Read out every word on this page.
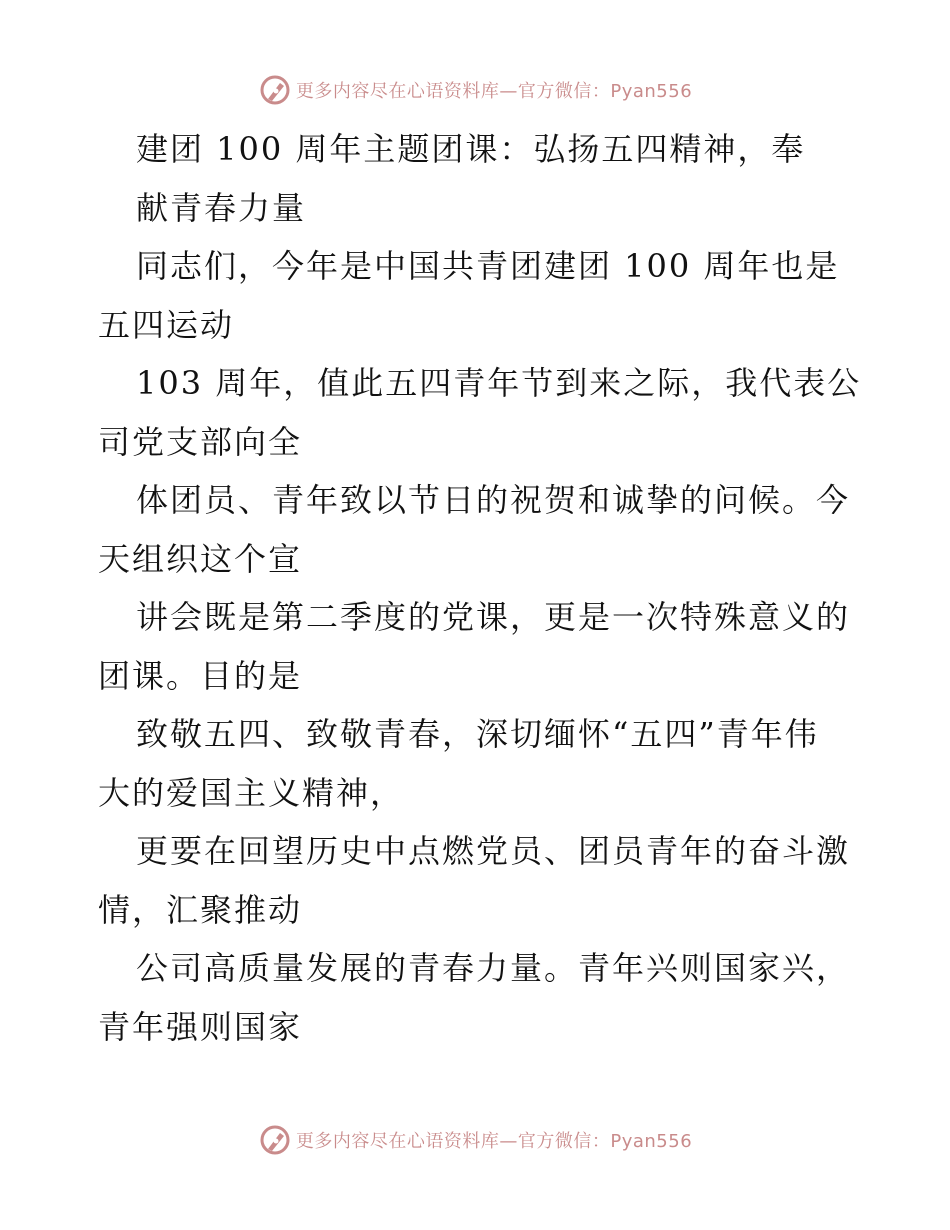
更多内容尽在心语资料库—官方微信：Pyan556
建团 100 周年主题团课：弘扬五四精神，奉
献青春力量
同志们，今年是中国共青团建团 100 周年也是
五四运动
103 周年，值此五四青年节到来之际，我代表公
司党支部向全
体团员、青年致以节日的祝贺和诚挚的问候。今
天组织这个宣
讲会既是第二季度的党课，更是一次特殊意义的
团课。目的是
致敬五四、致敬青春，深切缅怀“五四”青年伟
大的爱国主义精神，
更要在回望历史中点燃党员、团员青年的奋斗激
情，汇聚推动
公司高质量发展的青春力量。青年兴则国家兴，
青年强则国家
更多内容尽在心语资料库—官方微信：Pyan556
